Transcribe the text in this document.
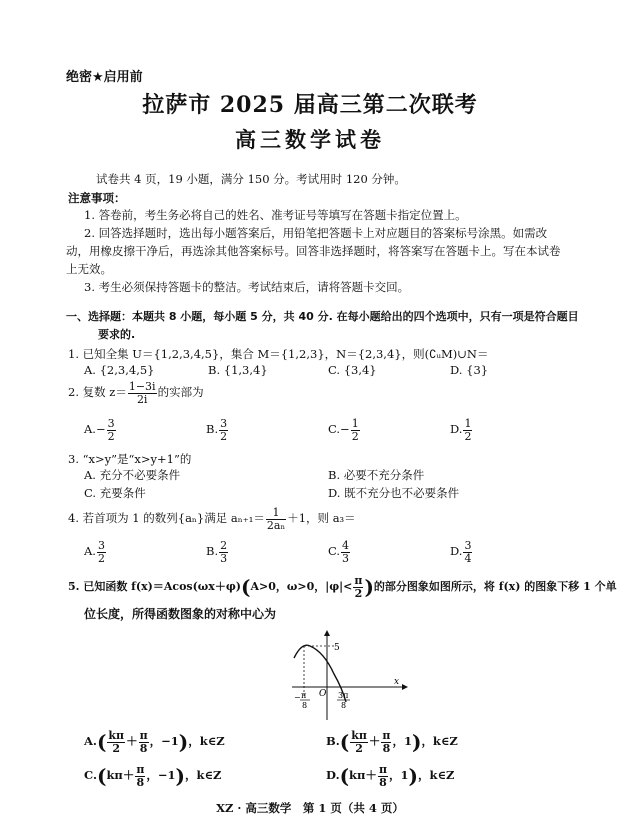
绝密★启用前
拉萨市 2025 届高三第二次联考
高三数学试卷
试卷共 4 页，19 小题，满分 150 分。考试用时 120 分钟。
注意事项：
1. 答卷前，考生务必将自己的姓名、准考证号等填写在答题卡指定位置上。
2. 回答选择题时，选出每小题答案后，用铅笔把答题卡上对应题目的答案标号涂黑。如需改
动，用橡皮擦干净后，再选涂其他答案标号。回答非选择题时，将答案写在答题卡上。写在本试卷
上无效。
3. 考生必须保持答题卡的整洁。考试结束后，请将答题卡交回。
一、选择题：本题共 8 小题，每小题 5 分，共 40 分. 在每小题给出的四个选项中，只有一项是符合题目
要求的.
1. 已知全集 U＝{1,2,3,4,5}，集合 M＝{1,2,3}，N＝{2,3,4}，则(∁ᵤM)∪N＝
A. {2,3,4,5}	B. {1,3,4}	C. {3,4}	D. {3}
2. 复数 $z= \frac{1-3i}{2i}$ 的实部为
$A.- \frac{3}{2}$	B. $\frac{3}{2}$	$C.- \frac{1}{2}$	D. $\frac{1}{2}$
3. “x>y”是“x>y+1”的
A. 充分不必要条件	B. 必要不充分条件
C. 充要条件	D. 既不充分也不必要条件
4. 若首项为 1 的数列{aₙ}满足 $a_{n+1}= \frac{1}{\text{2aₙ}} +1$，则 a₃＝
A. $\frac{3}{2}$	B. $\frac{2}{3}$	C. $\frac{4}{3}$	D. $\frac{3}{4}$
5. 已知函数 f(x)＝Acos(ωx＋φ)(A>0，ω>0，$|\varphi|< \frac{\pi}{2}$ )的部分图象如图所示，将 f(x) 的图象下移 1 个单
位长度，所得函数图象的对称中心为
5
x
O
− π
8
3π
8
$A.( \frac{k\pi}{2} + \frac{\pi}{8}$ ，−1)，k∈Z	$B.( \frac{k\pi}{2} + \frac{\pi}{8}$ ，1)，k∈Z
$C.(k\pi+ \frac{\pi}{8}$ ，−1)，k∈Z	$D.(k\pi+ \frac{\pi}{8}$ ，1)，k∈Z
XZ · 高三数学　第 1 页（共 4 页）
